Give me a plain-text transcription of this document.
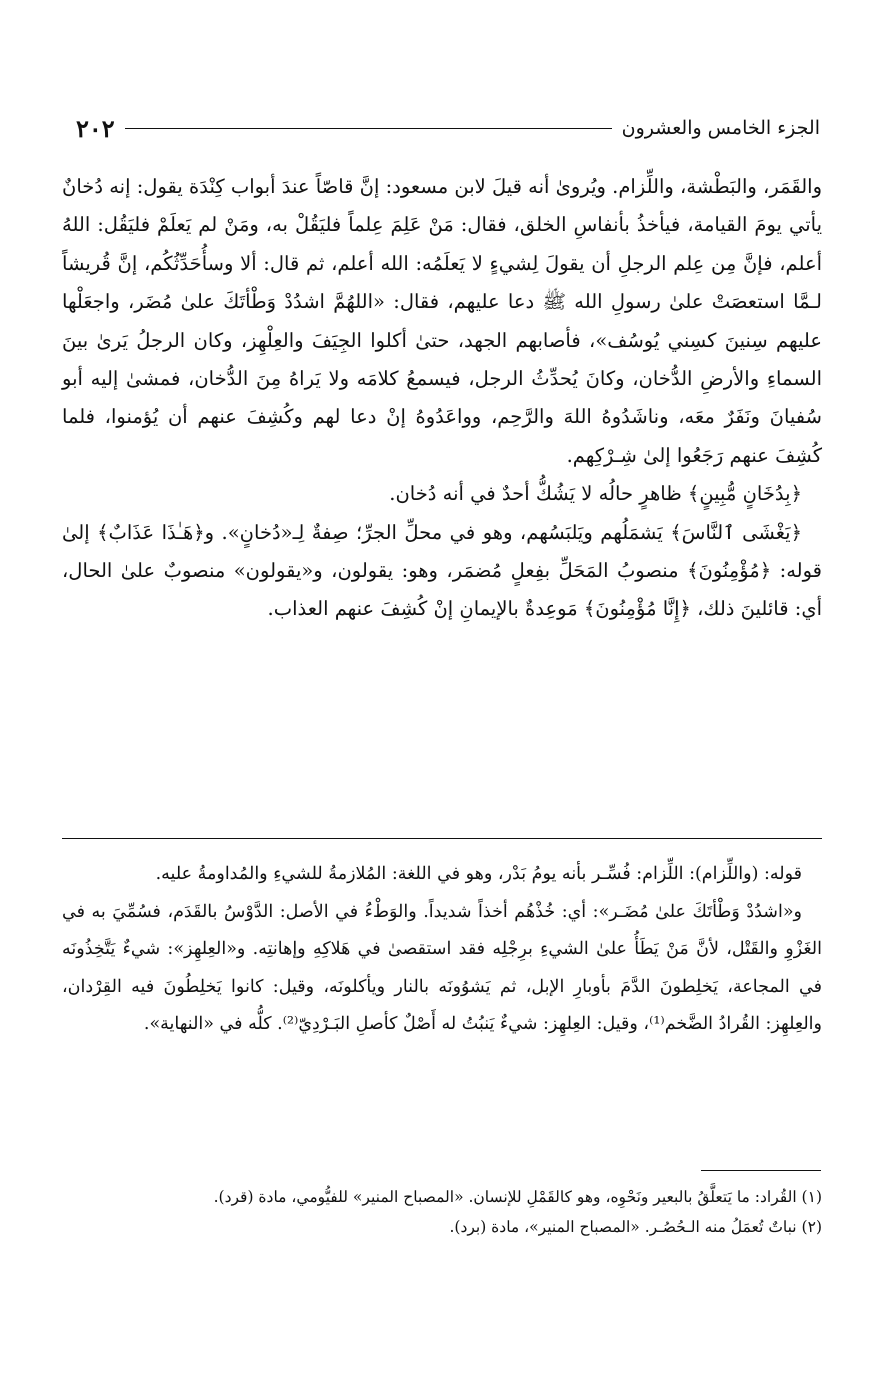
٢٠٢	الجزء الخامس والعشرون

والقَمَر، والبَطْشة، واللِّزام. ويُروىٰ أنه قيلَ لابن مسعود: إنَّ قاصّاً عندَ أبواب كِنْدَة يقول: إنه دُخانٌ يأتي يومَ القيامة، فيأخذُ بأنفاسِ الخلق، فقال: مَنْ عَلِمَ عِلماً فليَقُلْ به، ومَنْ لم يَعلَمْ فليَقُل: اللهُ أعلم، فإنَّ مِن عِلم الرجلِ أن يقولَ لِشيءٍ لا يَعلَمُه: الله أعلم، ثم قال: ألا وسأُحَدِّثُكُم، إنَّ قُريشاً لـمَّا استعصَتْ علىٰ رسولِ الله ﷺ دعا عليهم، فقال: «اللهُمَّ اشدُدْ وَطْأتَكَ علىٰ مُضَر، واجعَلْها عليهم سِنينَ كسِني يُوسُف»، فأصابهم الجهد، حتىٰ أكلوا الجِيَفَ والعِلْهِز، وكان الرجلُ يَرىٰ بينَ السماءِ والأرضِ الدُّخان، وكانَ يُحدِّثُ الرجل، فيسمعُ كلامَه ولا يَراهُ مِنَ الدُّخان، فمشىٰ إليه أبو سُفيانَ ونَفَرٌ معَه، وناشَدُوهُ اللهَ والرَّحِم، وواعَدُوهُ إنْ دعا لهم وكُشِفَ عنهم أن يُؤمنوا، فلما كُشِفَ عنهم رَجَعُوا إلىٰ شِـرْكِهم.

﴿بِدُخَانٍ مُّبِينٍ﴾ ظاهرٍ حالُه لا يَشُكُّ أحدٌ في أنه دُخان.

﴿يَغْشَى ٱلنَّاسَ﴾ يَشمَلُهم ويَلبَسُهم، وهو في محلِّ الجرِّ؛ صِفةٌ لِـ«دُخانٍ». و﴿هَـٰذَا عَذَابٌ﴾ إلىٰ قوله: ﴿مُؤْمِنُونَ﴾ منصوبُ المَحَلِّ بفِعلٍ مُضمَر، وهو: يقولون، و«يقولون» منصوبٌ علىٰ الحال، أي: قائلينَ ذلك، ﴿إِنَّا مُؤْمِنُونَ﴾ مَوعِدةٌ بالإيمانِ إنْ كُشِفَ عنهم العذاب.

قوله: (واللِّزام): اللِّزام: فُسِّـر بأنه يومُ بَدْر، وهو في اللغة: المُلازمةُ للشيءِ والمُداومةُ عليه.

و«اشدُدْ وَطْأتَكَ علىٰ مُضَـر»: أي: خُذْهُم أخذاً شديداً. والوَطْءُ في الأصل: الدَّوْسُ بالقَدَم، فسُمِّيَ به في الغَزْوِ والقَتْل، لأنَّ مَنْ يَطَأُ علىٰ الشيءِ برِجْلِه فقد استقصىٰ في هَلاكِهِ وإهانتِه. و«العِلهِز»: شيءٌ يَتَّخِذُونَه في المجاعة، يَخلِطونَ الدَّمَ بأوبارِ الإبل، ثم يَشوُونَه بالنار ويأكلونَه، وقيل: كانوا يَخلِطُونَ فيه القِرْدان، والعِلهِز: القُرادُ الضَّخم⁽¹⁾، وقيل: العِلهِز: شيءٌ يَنبُتُ له أَصْلٌ كأصلِ البَـرْدِيّ⁽²⁾. كلُّه في «النهاية».

(١) القُراد: ما يَتعلَّقُ بالبعير ونَحْوِه، وهو كالقَمْلِ للإنسان. «المصباح المنير» للفيُّومي، مادة (قرد).

(٢) نباتٌ تُعمَلُ منه الـحُصُـر. «المصباح المنير»، مادة (برد).
